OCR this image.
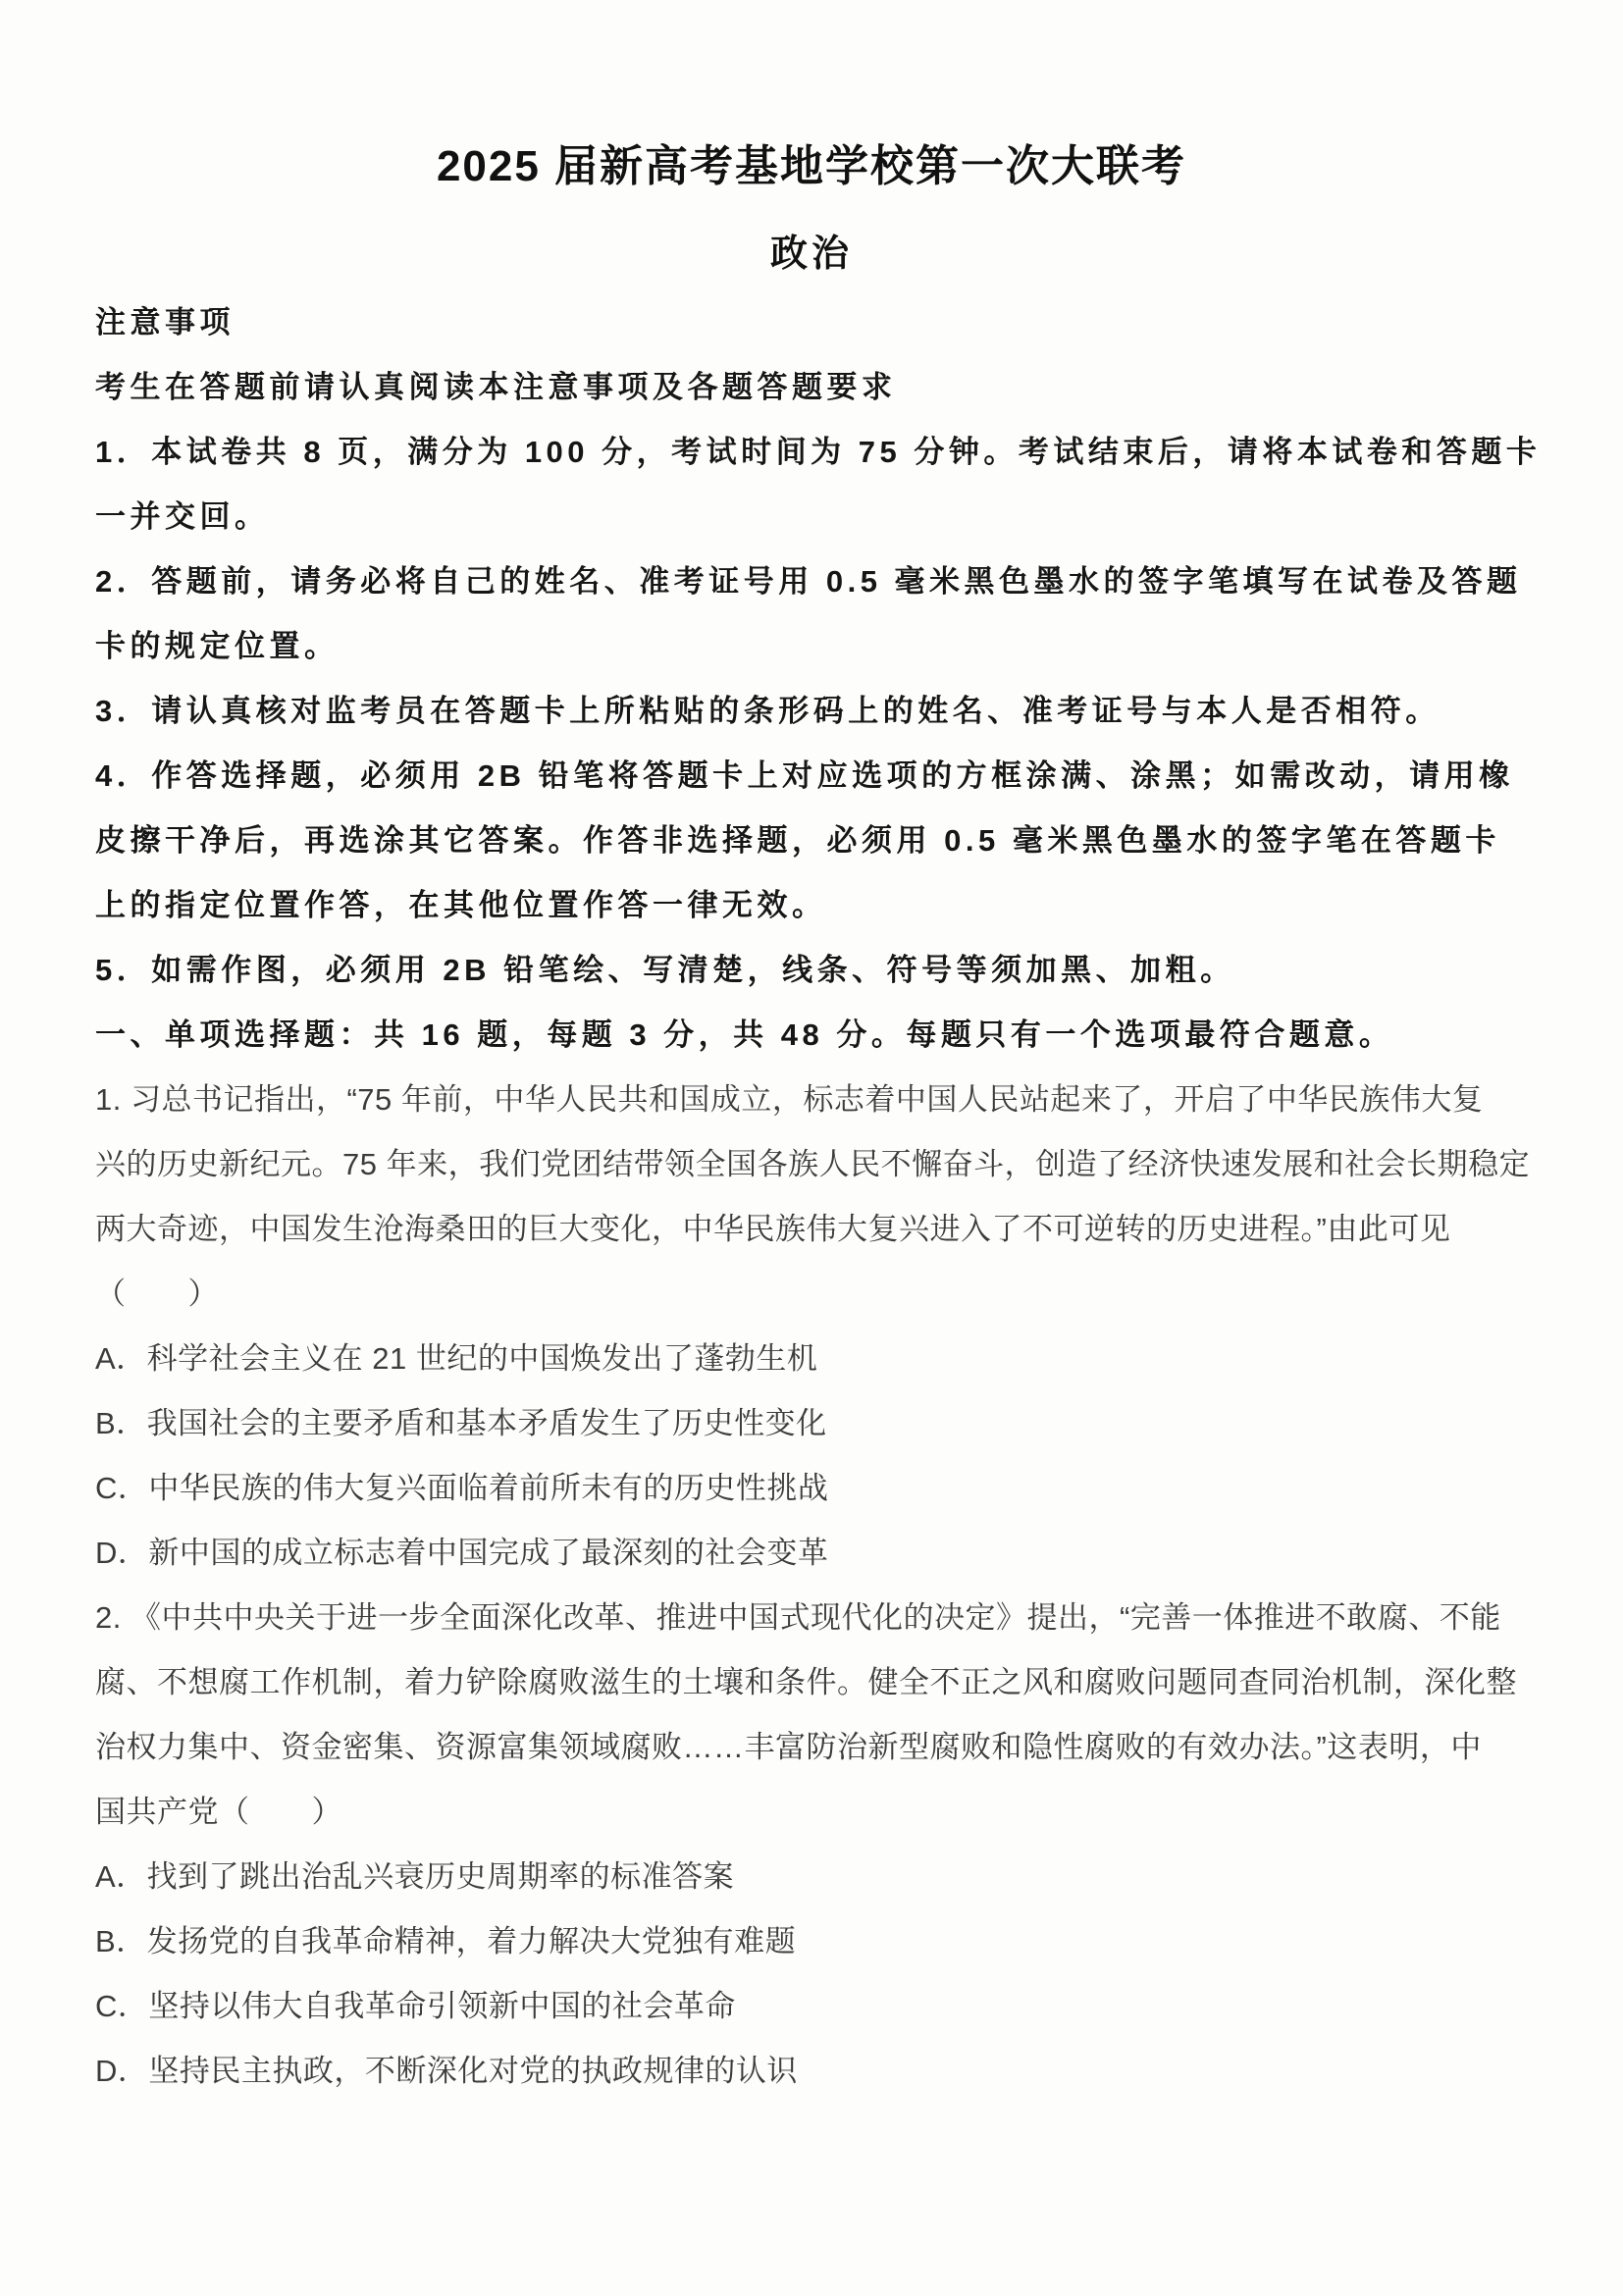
2025 届新高考基地学校第一次大联考
政治
注意事项
考生在答题前请认真阅读本注意事项及各题答题要求
1．本试卷共 8 页，满分为 100 分，考试时间为 75 分钟。考试结束后，请将本试卷和答题卡
一并交回。
2．答题前，请务必将自己的姓名、准考证号用 0.5 毫米黑色墨水的签字笔填写在试卷及答题
卡的规定位置。
3．请认真核对监考员在答题卡上所粘贴的条形码上的姓名、准考证号与本人是否相符。
4．作答选择题，必须用 2B 铅笔将答题卡上对应选项的方框涂满、涂黑；如需改动，请用橡
皮擦干净后，再选涂其它答案。作答非选择题，必须用 0.5 毫米黑色墨水的签字笔在答题卡
上的指定位置作答，在其他位置作答一律无效。
5．如需作图，必须用 2B 铅笔绘、写清楚，线条、符号等须加黑、加粗。
一、单项选择题：共 16 题，每题 3 分，共 48 分。每题只有一个选项最符合题意。
1. 习总书记指出，“75 年前，中华人民共和国成立，标志着中国人民站起来了，开启了中华民族伟大复
兴的历史新纪元。75 年来，我们党团结带领全国各族人民不懈奋斗，创造了经济快速发展和社会长期稳定
两大奇迹，中国发生沧海桑田的巨大变化，中华民族伟大复兴进入了不可逆转的历史进程。”由此可见
（　　）
A．科学社会主义在 21 世纪的中国焕发出了蓬勃生机
B．我国社会的主要矛盾和基本矛盾发生了历史性变化
C．中华民族的伟大复兴面临着前所未有的历史性挑战
D．新中国的成立标志着中国完成了最深刻的社会变革
2. 《中共中央关于进一步全面深化改革、推进中国式现代化的决定》提出，“完善一体推进不敢腐、不能
腐、不想腐工作机制，着力铲除腐败滋生的土壤和条件。健全不正之风和腐败问题同查同治机制，深化整
治权力集中、资金密集、资源富集领域腐败……丰富防治新型腐败和隐性腐败的有效办法。”这表明，中
国共产党（　　）
A．找到了跳出治乱兴衰历史周期率的标准答案
B．发扬党的自我革命精神，着力解决大党独有难题
C．坚持以伟大自我革命引领新中国的社会革命
D．坚持民主执政，不断深化对党的执政规律的认识
